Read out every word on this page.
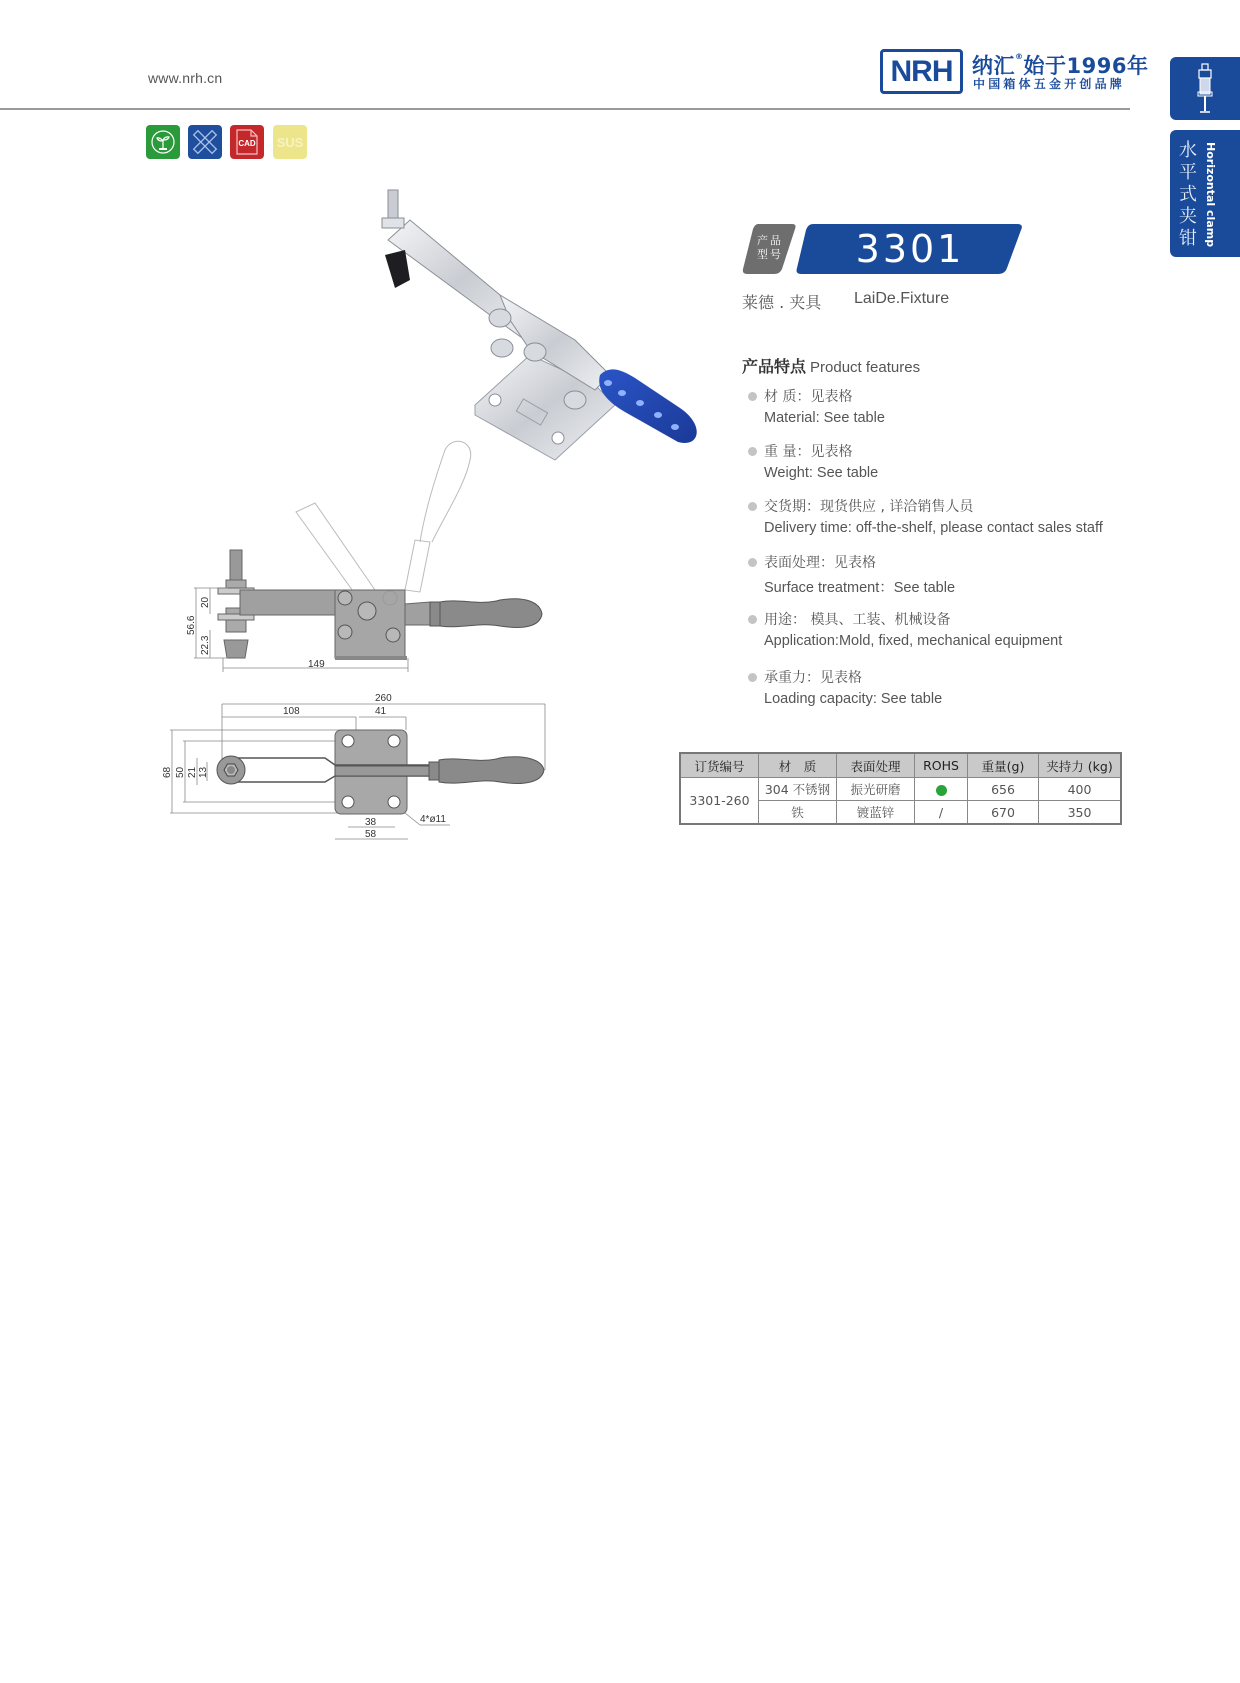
www.nrh.cn	NRH 纳汇®始于1996年
中国箱体五金开创品牌
水平式夹钳 Horizontal clamp
CAD SUS
56.6
20
22.3
149
260
108	41
68 50 21 13
38
58
4*ø11
产品
型号	3301
莱德 . 夹具 LaiDe.Fixture
产品特点 Product features
材 质：见表格
Material: See table
重 量：见表格
Weight: See table
交货期：现货供应 , 详洽销售人员
Delivery time: off-the-shelf, please contact sales staff
表面处理：见表格
Surface treatment：See table
用途： 模具、工装、机械设备
Application:Mold, fixed, mechanical equipment
承重力：见表格
Loading capacity: See table
订货编号	材　质	表面处理	ROHS	重量(g)	夹持力 (kg)
3301-260	304 不锈钢	振光研磨		656	400
	铁	镀蓝锌	/	670	350
